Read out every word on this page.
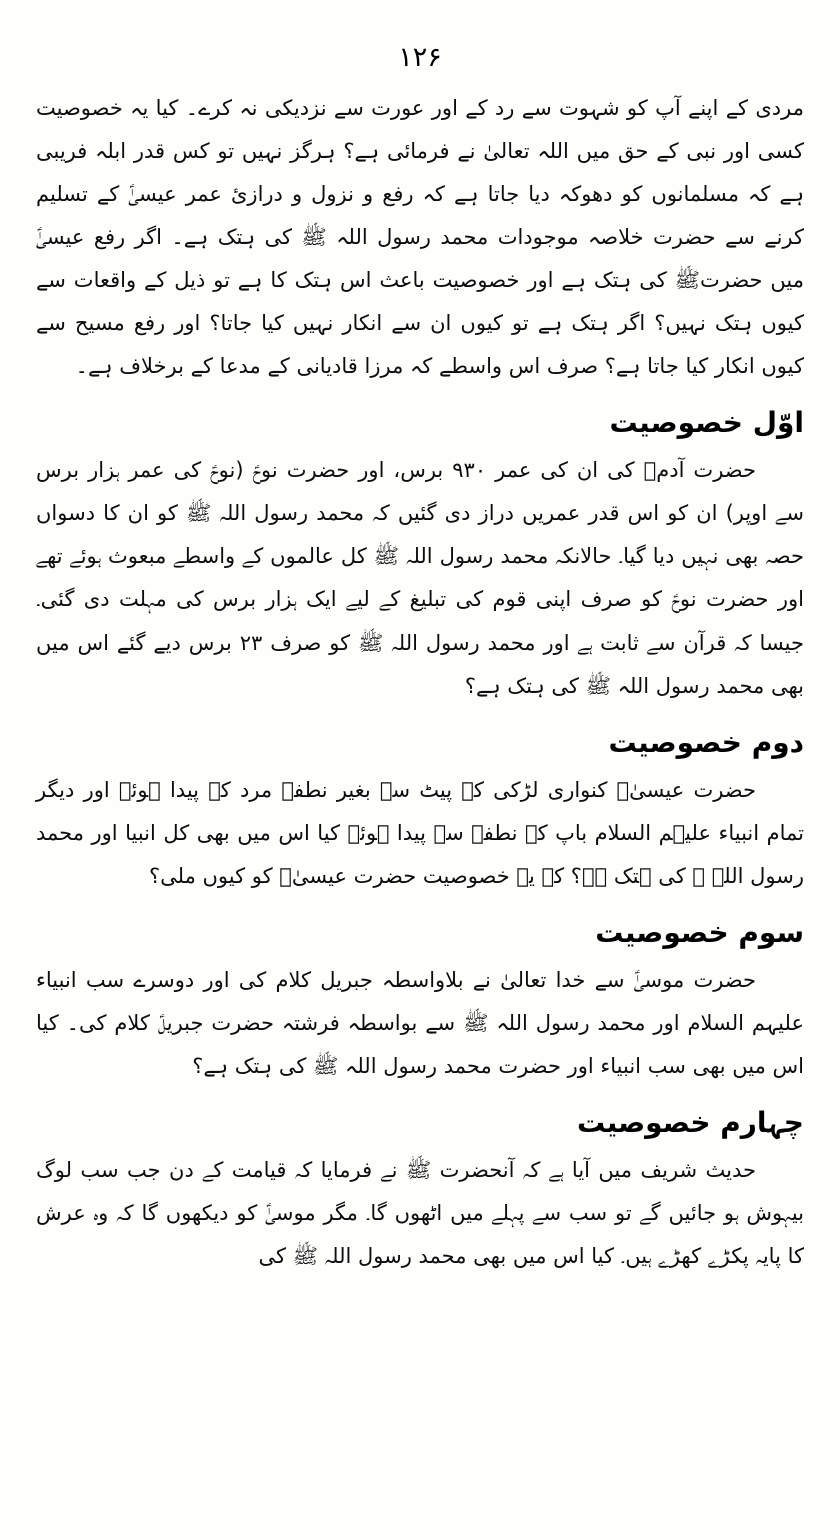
۱۲۶

مردی کے اپنے آپ کو شہوت سے رد کے اور عورت سے نزدیکی نہ کرے۔ کیا یہ خصوصیت کسی اور نبی کے حق میں اللہ تعالیٰ نے فرمائی ہے؟ ہرگز نہیں تو کس قدر ابلہ فریبی ہے کہ مسلمانوں کو دھوکہ دیا جاتا ہے کہ رفع و نزول و درازیٔ عمر عیسیٰؑ کے تسلیم کرنے سے حضرت خلاصہ موجودات محمد رسول اللہ ﷺ کی ہتک ہے۔ اگر رفع عیسیٰؑ میں حضرتﷺ کی ہتک ہے اور خصوصیت باعث اس ہتک کا ہے تو ذیل کے واقعات سے کیوں ہتک نہیں؟ اگر ہتک ہے تو کیوں ان سے انکار نہیں کیا جاتا؟ اور رفع مسیح سے کیوں انکار کیا جاتا ہے؟ صرف اس واسطے کہ مرزا قادیانی کے مدعا کے برخلاف ہے۔

اوّل خصوصیت

حضرت آدمؑ کی ان کی عمر ۹۳۰ برس، اور حضرت نوحؑ (نوحؑ کی عمر ہزار برس سے اوپر) ان کو اس قدر عمریں دراز دی گئیں کہ محمد رسول اللہ ﷺ کو ان کا دسواں حصہ بھی نہیں دیا گیا۔ حالانکہ محمد رسول اللہ ﷺ کل عالموں کے واسطے مبعوث ہوئے تھے اور حضرت نوحؑ کو صرف اپنی قوم کی تبلیغ کے لیے ایک ہزار برس کی مہلت دی گئی۔ جیسا کہ قرآن سے ثابت ہے اور محمد رسول اللہ ﷺ کو صرف ۲۳ برس دیے گئے اس میں بھی محمد رسول اللہ ﷺ کی ہتک ہے؟

دوم خصوصیت

حضرت عیسیٰؑ کنواری لڑکی کے پیٹ سے بغیر نطفہ مرد کے پیدا ہوئے اور دیگر تمام انبیاء علیہم السلام باپ کے نطفہ سے پیدا ہوئے کیا اس میں بھی کل انبیا اور محمد رسول اللہ ﷺ کی ہتک ہے؟ کہ یہ خصوصیت حضرت عیسیٰؑ کو کیوں ملی؟

سوم خصوصیت

حضرت موسیٰؑ سے خدا تعالیٰ نے بلاواسطہ جبریل کلام کی اور دوسرے سب انبیاء علیہم السلام اور محمد رسول اللہ ﷺ سے بواسطہ فرشتہ حضرت جبریلؑ کلام کی۔ کیا اس میں بھی سب انبیاء اور حضرت محمد رسول اللہ ﷺ کی ہتک ہے؟

چہارم خصوصیت

حدیث شریف میں آیا ہے کہ آنحضرت ﷺ نے فرمایا کہ قیامت کے دن جب سب لوگ بیہوش ہو جائیں گے تو سب سے پہلے میں اٹھوں گا۔ مگر موسیٰؑ کو دیکھوں گا کہ وہ عرش کا پایہ پکڑے کھڑے ہیں۔ کیا اس میں بھی محمد رسول اللہ ﷺ کی
